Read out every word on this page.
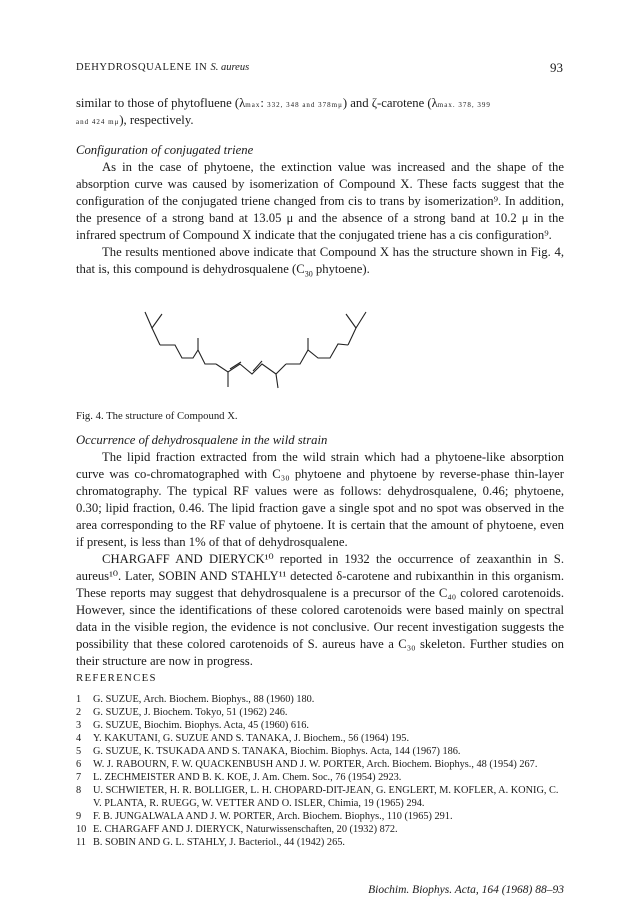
DEHYDROSQUALENE IN S. aureus	93

similar to those of phytofluene (λmax: 332, 348 and 378mμ) and ζ-carotene (λmax. 378, 399
and 424 mμ), respectively.

Configuration of conjugated triene

As in the case of phytoene, the extinction value was increased and the shape of the absorption curve was caused by isomerization of Compound X. These facts suggest that the configuration of the conjugated triene changed from cis to trans by isomerization⁹. In addition, the presence of a strong band at 13.05 μ and the absence of a strong band at 10.2 μ in the infrared spectrum of Compound X indicate that the conjugated triene has a cis configuration⁹.

The results mentioned above indicate that Compound X has the structure shown in Fig. 4, that is, this compound is dehydrosqualene ($C_{30}$ phytoene).

Fig. 4. The structure of Compound X.

Occurrence of dehydrosqualene in the wild strain

The lipid fraction extracted from the wild strain which had a phytoene-like absorption curve was co-chromatographed with C₃₀ phytoene and phytoene by reverse-phase thin-layer chromatography. The typical RF values were as follows: dehydrosqualene, 0.46; phytoene, 0.30; lipid fraction, 0.46. The lipid fraction gave a single spot and no spot was observed in the area corresponding to the RF value of phytoene. It is certain that the amount of phytoene, even if present, is less than 1% of that of dehydrosqualene.

CHARGAFF AND DIERYCK¹⁰ reported in 1932 the occurrence of zeaxanthin in S. aureus¹⁰. Later, SOBIN AND STAHLY¹¹ detected δ-carotene and rubixanthin in this organism. These reports may suggest that dehydrosqualene is a precursor of the C₄₀ colored carotenoids. However, since the identifications of these colored carotenoids were based mainly on spectral data in the visible region, the evidence is not conclusive. Our recent investigation suggests the possibility that these colored carotenoids of S. aureus have a C₃₀ skeleton. Further studies on their structure are now in progress.

REFERENCES
1 G. SUZUE, Arch. Biochem. Biophys., 88 (1960) 180.
2 G. SUZUE, J. Biochem. Tokyo, 51 (1962) 246.
3 G. SUZUE, Biochim. Biophys. Acta, 45 (1960) 616.
4 Y. KAKUTANI, G. SUZUE AND S. TANAKA, J. Biochem., 56 (1964) 195.
5 G. SUZUE, K. TSUKADA AND S. TANAKA, Biochim. Biophys. Acta, 144 (1967) 186.
6 W. J. RABOURN, F. W. QUACKENBUSH AND J. W. PORTER, Arch. Biochem. Biophys., 48 (1954) 267.
7 L. ZECHMEISTER AND B. K. KOE, J. Am. Chem. Soc., 76 (1954) 2923.
8 U. SCHWIETER, H. R. BOLLIGER, L. H. CHOPARD-DIT-JEAN, G. ENGLERT, M. KOFLER, A. KONIG, C. V. PLANTA, R. RUEGG, W. VETTER AND O. ISLER, Chimia, 19 (1965) 294.
9 F. B. JUNGALWALA AND J. W. PORTER, Arch. Biochem. Biophys., 110 (1965) 291.
10 E. CHARGAFF AND J. DIERYCK, Naturwissenschaften, 20 (1932) 872.
11 B. SOBIN AND G. L. STAHLY, J. Bacteriol., 44 (1942) 265.
Biochim. Biophys. Acta, 164 (1968) 88–93
